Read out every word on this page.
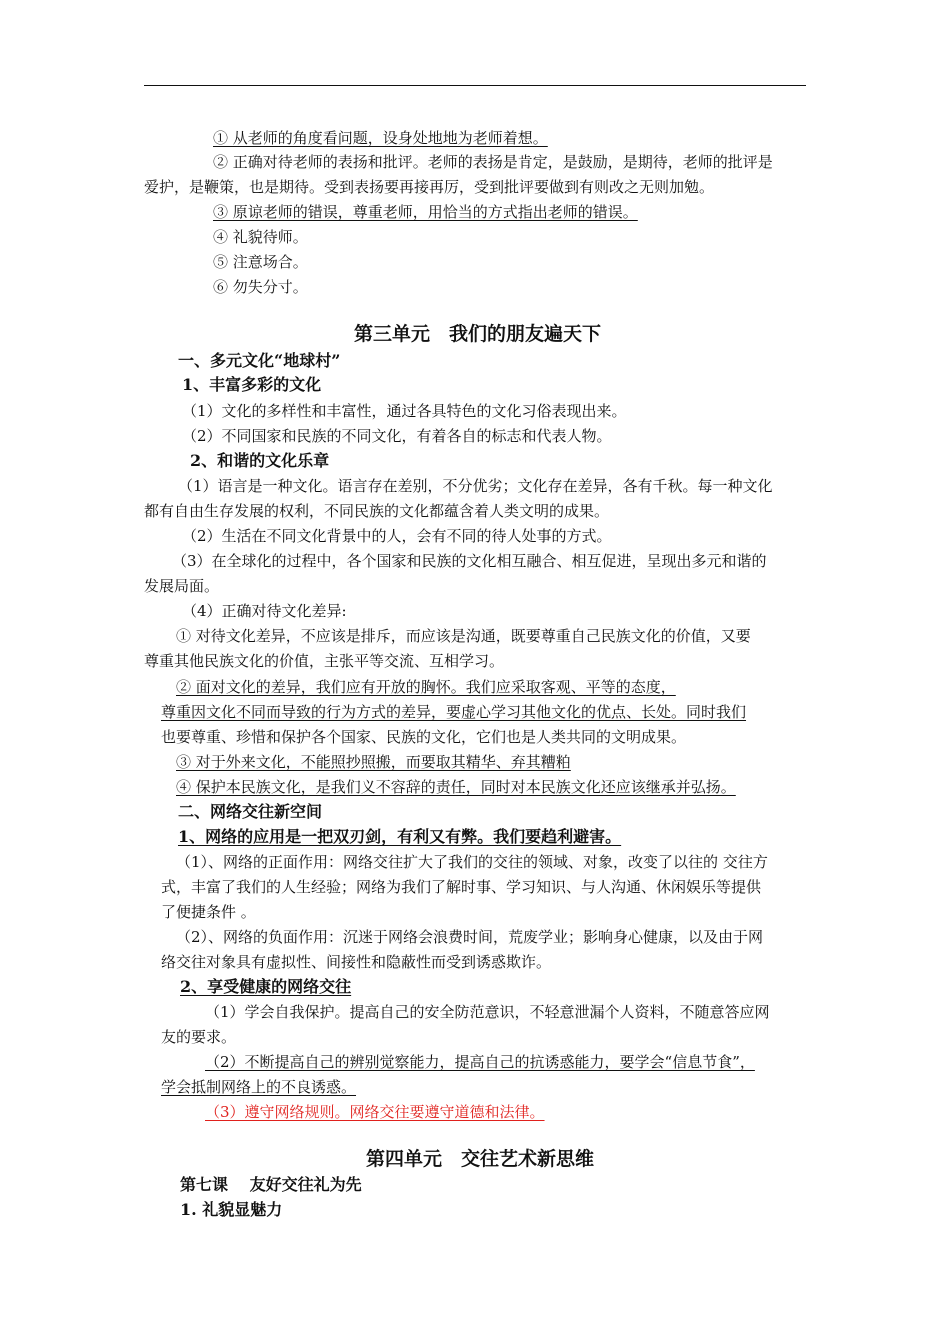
① 从老师的角度看问题，设身处地地为老师着想。
② 正确对待老师的表扬和批评。老师的表扬是肯定，是鼓励，是期待，老师的批评是
爱护，是鞭策，也是期待。受到表扬要再接再厉，受到批评要做到有则改之无则加勉。
③ 原谅老师的错误，尊重老师，用恰当的方式指出老师的错误。
④ 礼貌待师。
⑤ 注意场合。
⑥ 勿失分寸。
第三单元　我们的朋友遍天下
一、多元文化“地球村”
1、丰富多彩的文化
（1）文化的多样性和丰富性，通过各具特色的文化习俗表现出来。
（2）不同国家和民族的不同文化，有着各自的标志和代表人物。
2、和谐的文化乐章
（1）语言是一种文化。语言存在差别，不分优劣；文化存在差异，各有千秋。每一种文化
都有自由生存发展的权利，不同民族的文化都蕴含着人类文明的成果。
（2）生活在不同文化背景中的人，会有不同的待人处事的方式。
（3）在全球化的过程中，各个国家和民族的文化相互融合、相互促进，呈现出多元和谐的
发展局面。
（4）正确对待文化差异:
① 对待文化差异，不应该是排斥，而应该是沟通，既要尊重自己民族文化的价值，又要
尊重其他民族文化的价值，主张平等交流、互相学习。
② 面对文化的差异，我们应有开放的胸怀。我们应采取客观、平等的态度，
尊重因文化不同而导致的行为方式的差异，要虚心学习其他文化的优点、长处。同时我们
也要尊重、珍惜和保护各个国家、民族的文化，它们也是人类共同的文明成果。
③ 对于外来文化，不能照抄照搬，而要取其精华、弃其糟粕
④ 保护本民族文化，是我们义不容辞的责任，同时对本民族文化还应该继承并弘扬。
二、网络交往新空间
1、网络的应用是一把双刃剑，有利又有弊。我们要趋利避害。
（1）、网络的正面作用：网络交往扩大了我们的交往的领域、对象，改变了以往的 交往方
式，丰富了我们的人生经验；网络为我们了解时事、学习知识、与人沟通、休闲娱乐等提供
了便捷条件 。
（2）、网络的负面作用：沉迷于网络会浪费时间，荒废学业；影响身心健康，以及由于网
络交往对象具有虚拟性、间接性和隐蔽性而受到诱惑欺诈。
2、享受健康的网络交往
（1）学会自我保护。提高自己的安全防范意识，不轻意泄漏个人资料，不随意答应网
友的要求。
（2）不断提高自己的辨别觉察能力，提高自己的抗诱惑能力，要学会“信息节食”，
学会抵制网络上的不良诱惑。
（3）遵守网络规则。网络交往要遵守道德和法律。
第四单元　交往艺术新思维
第七课　 友好交往礼为先
1. 礼貌显魅力
